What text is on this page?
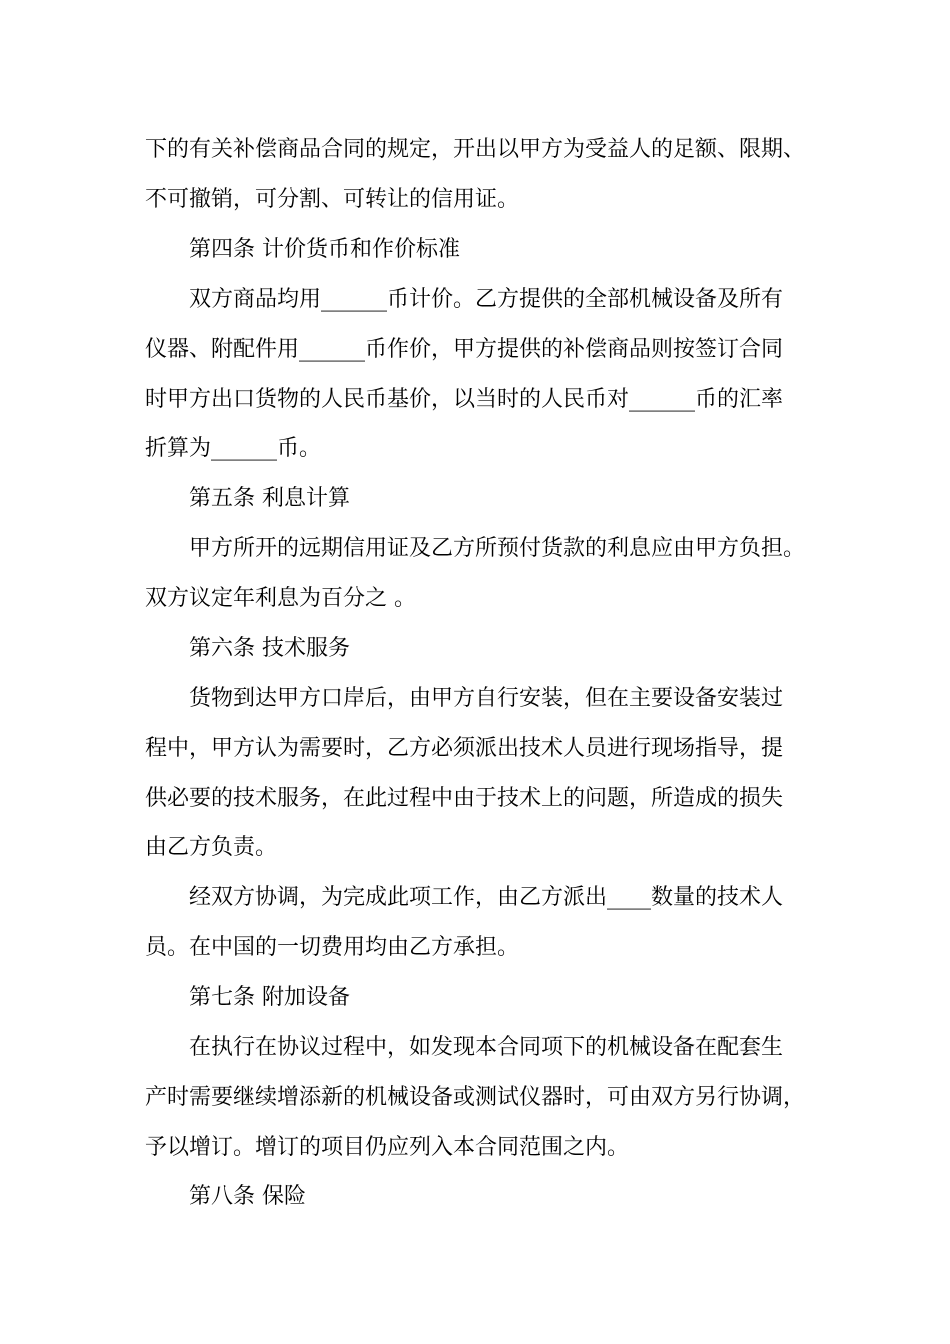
下的有关补偿商品合同的规定，开出以甲方为受益人的足额、限期、

不可撤销，可分割、可转让的信用证。

第四条 计价货币和作价标准

双方商品均用______币计价。乙方提供的全部机械设备及所有

仪器、附配件用______币作价，甲方提供的补偿商品则按签订合同

时甲方出口货物的人民币基价，以当时的人民币对______币的汇率

折算为______币。

第五条 利息计算

甲方所开的远期信用证及乙方所预付货款的利息应由甲方负担。

双方议定年利息为百分之 。

第六条 技术服务

货物到达甲方口岸后，由甲方自行安装，但在主要设备安装过

程中，甲方认为需要时，乙方必须派出技术人员进行现场指导，提

供必要的技术服务，在此过程中由于技术上的问题，所造成的损失

由乙方负责。

经双方协调，为完成此项工作，由乙方派出____数量的技术人

员。在中国的一切费用均由乙方承担。

第七条 附加设备

在执行在协议过程中，如发现本合同项下的机械设备在配套生

产时需要继续增添新的机械设备或测试仪器时，可由双方另行协调，

予以增订。增订的项目仍应列入本合同范围之内。

第八条 保险
